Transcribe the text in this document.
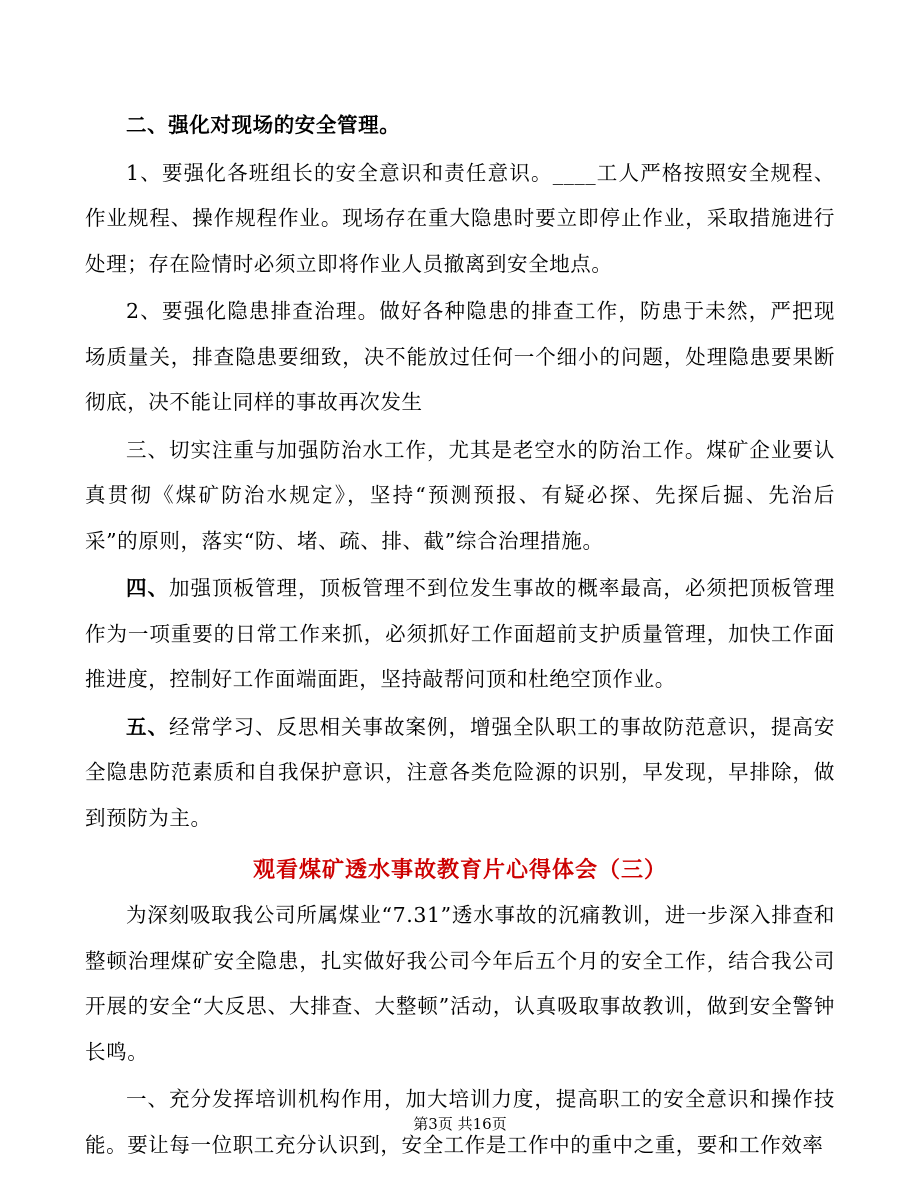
二、强化对现场的安全管理。

1、要强化各班组长的安全意识和责任意识。____工人严格按照安全规程、作业规程、操作规程作业。现场存在重大隐患时要立即停止作业，采取措施进行处理；存在险情时必须立即将作业人员撤离到安全地点。

2、要强化隐患排查治理。做好各种隐患的排查工作，防患于未然，严把现场质量关，排查隐患要细致，决不能放过任何一个细小的问题，处理隐患要果断彻底，决不能让同样的事故再次发生

三、切实注重与加强防治水工作，尤其是老空水的防治工作。煤矿企业要认真贯彻《煤矿防治水规定》，坚持“预测预报、有疑必探、先探后掘、先治后采”的原则，落实“防、堵、疏、排、截”综合治理措施。

四、加强顶板管理，顶板管理不到位发生事故的概率最高，必须把顶板管理作为一项重要的日常工作来抓，必须抓好工作面超前支护质量管理，加快工作面推进度，控制好工作面端面距，坚持敲帮问顶和杜绝空顶作业。

五、经常学习、反思相关事故案例，增强全队职工的事故防范意识，提高安全隐患防范素质和自我保护意识，注意各类危险源的识别，早发现，早排除，做到预防为主。

观看煤矿透水事故教育片心得体会（三）

为深刻吸取我公司所属煤业“7.31”透水事故的沉痛教训，进一步深入排查和整顿治理煤矿安全隐患，扎实做好我公司今年后五个月的安全工作，结合我公司开展的安全“大反思、大排查、大整顿”活动，认真吸取事故教训，做到安全警钟长鸣。

一、充分发挥培训机构作用，加大培训力度，提高职工的安全意识和操作技能。要让每一位职工充分认识到，安全工作是工作中的重中之重，要和工作效率

第3页 共16页
